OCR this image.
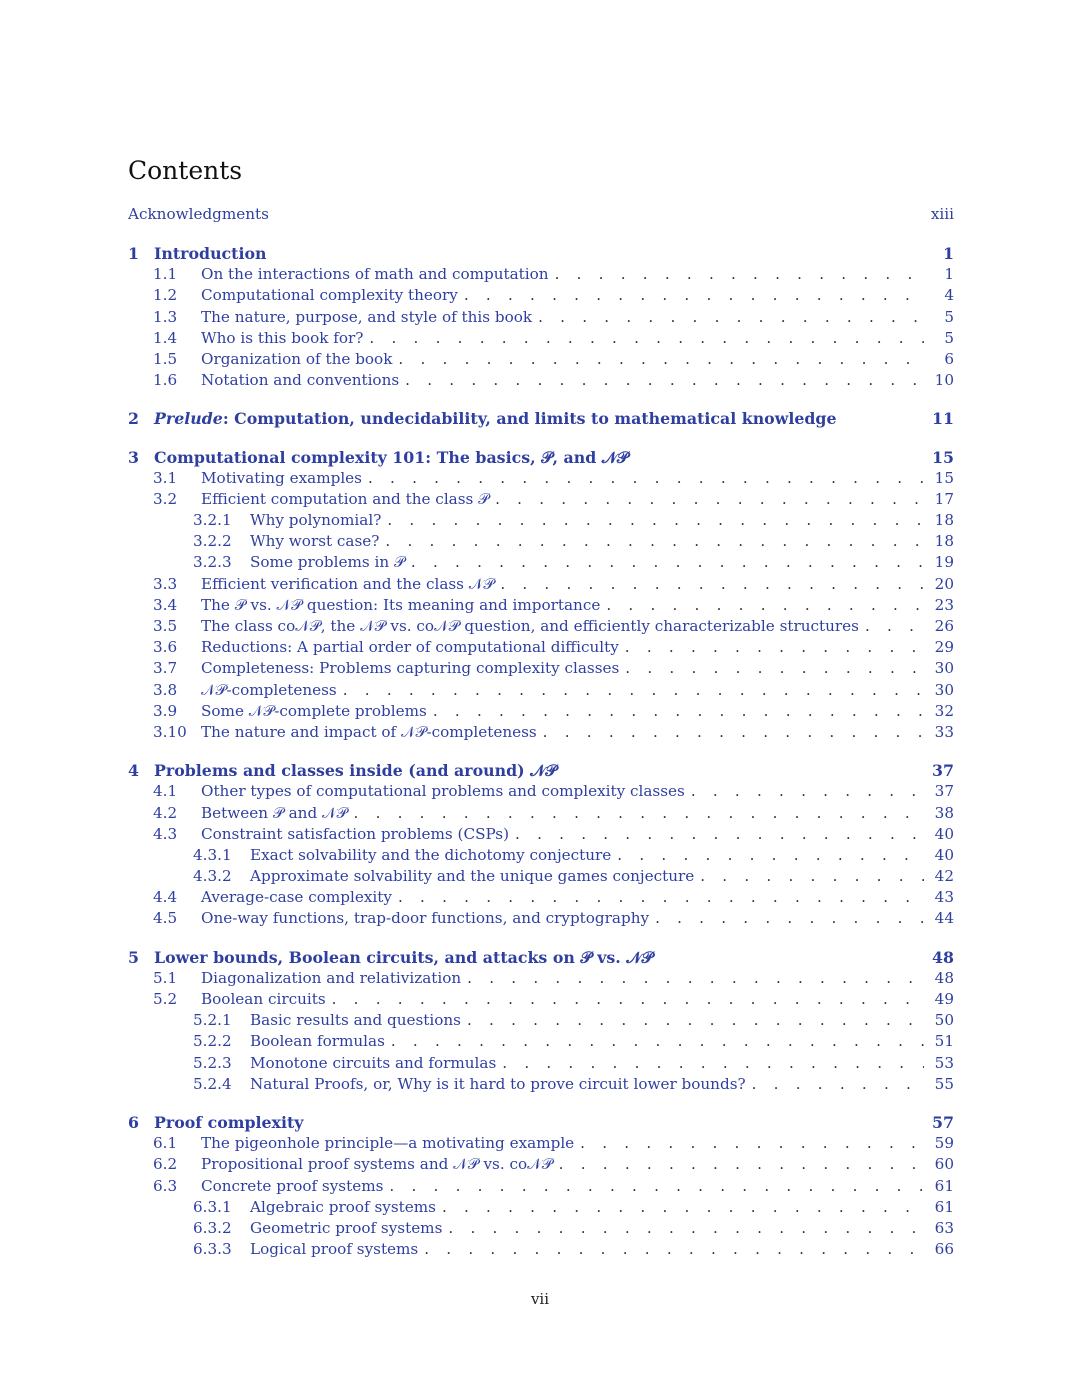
Contents
Acknowledgments	xiii
1 Introduction	1
1.1	On the interactions of math and computation . . .	1
1.2	Computational complexity theory . . .	4
1.3	The nature, purpose, and style of this book . . .	5
1.4	Who is this book for? . . .	5
1.5	Organization of the book . . .	6
1.6	Notation and conventions . . .	10
2 Prelude: Computation, undecidability, and limits to mathematical knowledge	11
3 Computational complexity 101: The basics, 𝒫, and 𝒩𝒫	15
3.1	Motivating examples . . .	15
3.2	Efficient computation and the class 𝒫 . . .	17
3.2.1	Why polynomial? . . .	18
3.2.2	Why worst case? . . .	18
3.2.3	Some problems in 𝒫 . . .	19
3.3	Efficient verification and the class 𝒩𝒫 . . .	20
3.4	The 𝒫 vs. 𝒩𝒫 question: Its meaning and importance . . .	23
3.5	The class co𝒩𝒫, the 𝒩𝒫 vs. co𝒩𝒫 question, and efficiently characterizable structures . . .	26
3.6	Reductions: A partial order of computational difficulty . . .	29
3.7	Completeness: Problems capturing complexity classes . . .	30
3.8	𝒩𝒫-completeness . . .	30
3.9	Some 𝒩𝒫-complete problems . . .	32
3.10 The nature and impact of 𝒩𝒫-completeness . . .	33
4 Problems and classes inside (and around) 𝒩𝒫	37
4.1	Other types of computational problems and complexity classes . . .	37
4.2	Between 𝒫 and 𝒩𝒫 . . .	38
4.3	Constraint satisfaction problems (CSPs) . . .	40
4.3.1	Exact solvability and the dichotomy conjecture . . .	40
4.3.2	Approximate solvability and the unique games conjecture . . .	42
4.4	Average-case complexity . . .	43
4.5	One-way functions, trap-door functions, and cryptography . . .	44
5 Lower bounds, Boolean circuits, and attacks on 𝒫 vs. 𝒩𝒫	48
5.1	Diagonalization and relativization . . .	48
5.2	Boolean circuits . . .	49
5.2.1	Basic results and questions . . .	50
5.2.2	Boolean formulas . . .	51
5.2.3	Monotone circuits and formulas . . .	53
5.2.4	Natural Proofs, or, Why is it hard to prove circuit lower bounds? . . .	55
6 Proof complexity	57
6.1	The pigeonhole principle—a motivating example . . .	59
6.2	Propositional proof systems and 𝒩𝒫 vs. co𝒩𝒫 . . .	60
6.3	Concrete proof systems . . .	61
6.3.1	Algebraic proof systems . . .	61
6.3.2	Geometric proof systems . . .	63
6.3.3	Logical proof systems . . .	66
vii
